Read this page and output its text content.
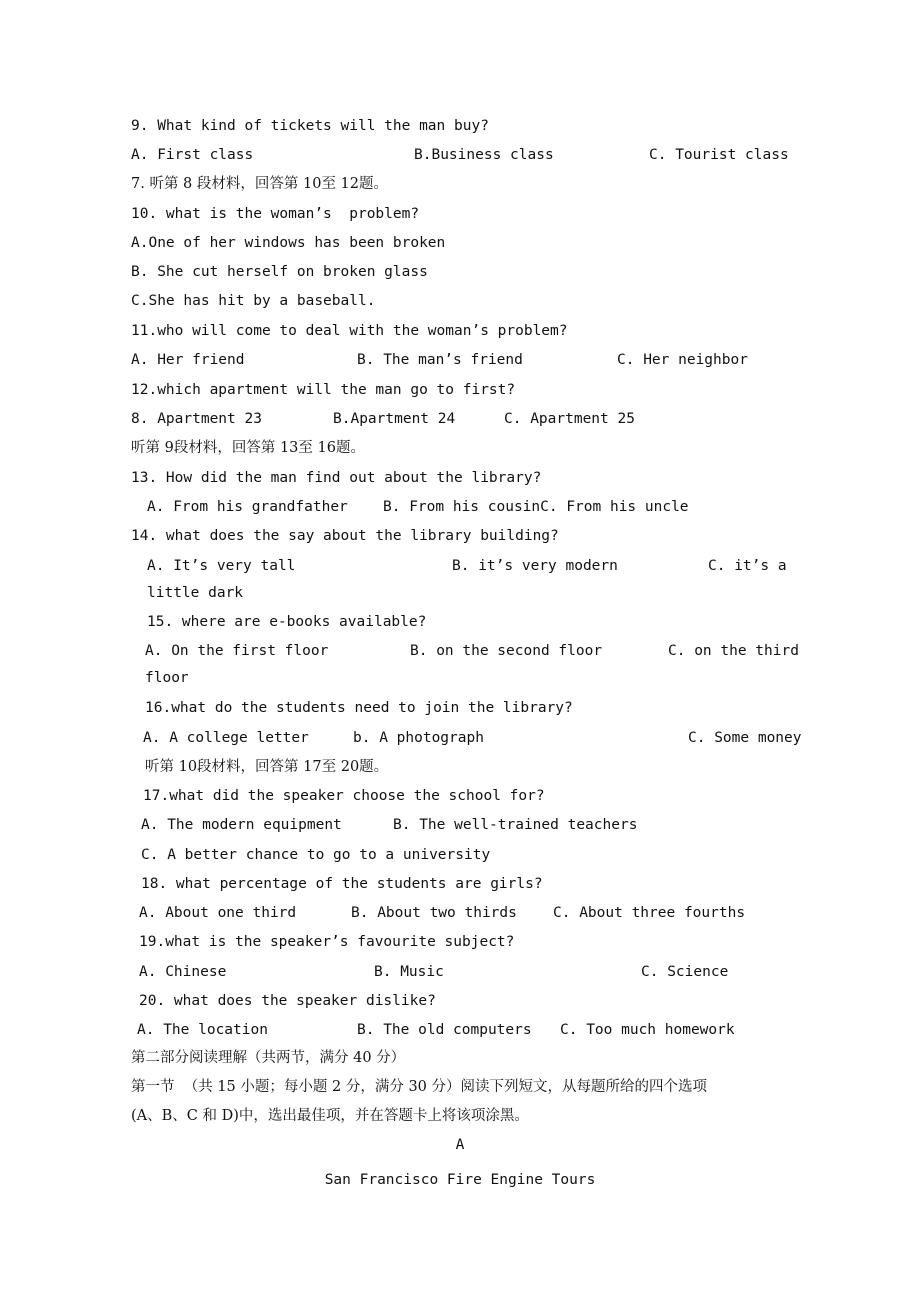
9. What kind of tickets will the man buy?
A. First class	B.Business class	C. Tourist class
7. 听第 8 段材料，回答第 10至 12题。
10. what is the woman’s  problem?
A.One of her windows has been broken
B. She cut herself on broken glass
C.She has hit by a baseball.
11.who will come to deal with the woman’s problem?
A. Her friend	B. The man’s friend	C. Her neighbor
12.which apartment will the man go to first?
8. Apartment 23	B.Apartment 24	C. Apartment 25
听第 9段材料，回答第 13至 16题。
13. How did the man find out about the library?
A. From his grandfather B. From his cousinC. From his uncle
14. what does the say about the library building?
A. It’s very tall	B. it’s very modern	C. it’s a
little dark
15. where are e-books available?
A. On the first floor	B. on the second floor	C. on the third
floor
16.what do the students need to join the library?
A. A college letter	b. A photograph	C. Some money
听第 10段材料，回答第 17至 20题。
17.what did the speaker choose the school for?
A. The modern equipment	B. The well-trained teachers
C. A better chance to go to a university
18. what percentage of the students are girls?
A. About one third	B. About two thirds C. About three fourths
19.what is the speaker’s favourite subject?
A. Chinese	B. Music	C. Science
20. what does the speaker dislike?
A. The location	B. The old computers C. Too much homework
第二部分阅读理解（共两节，满分 40 分）
第一节  （共 15 小题；每小题 2 分，满分 30 分）阅读下列短文，从每题所给的四个选项
(A、B、C 和 D)中，选出最佳项，并在答题卡上将该项涂黑。
A
San Francisco Fire Engine Tours
